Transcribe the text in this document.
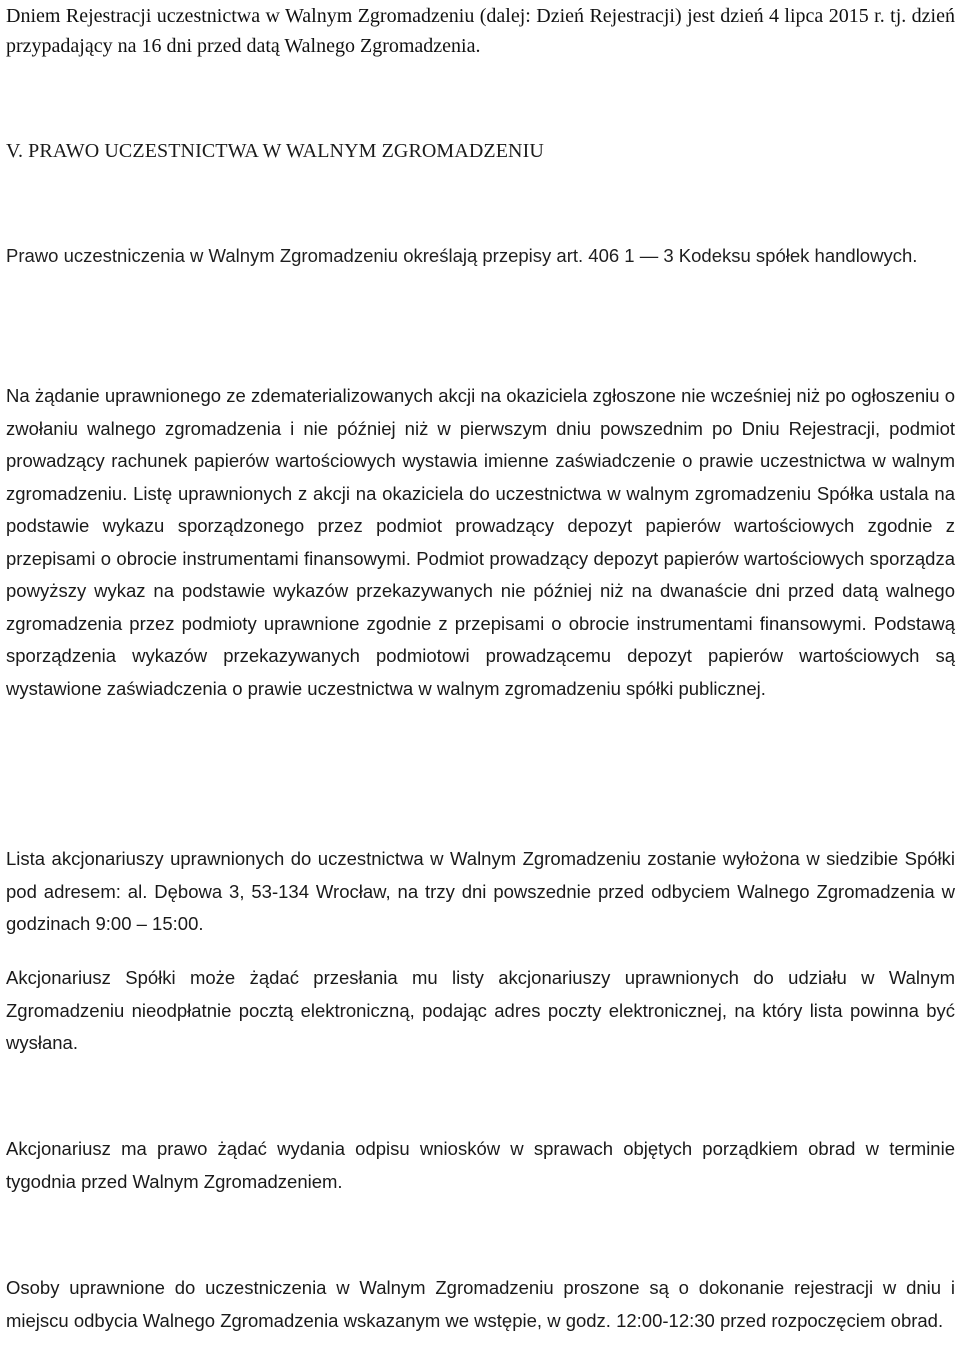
Dniem Rejestracji uczestnictwa w Walnym Zgromadzeniu (dalej: Dzień Rejestracji) jest dzień 4 lipca 2015 r. tj. dzień przypadający na 16 dni przed datą Walnego Zgromadzenia.

V. PRAWO UCZESTNICTWA W WALNYM ZGROMADZENIU

Prawo uczestniczenia w Walnym Zgromadzeniu określają przepisy art. 406 1 — 3 Kodeksu spółek handlowych.

Na żądanie uprawnionego ze zdematerializowanych akcji na okaziciela zgłoszone nie wcześniej niż po ogłoszeniu o zwołaniu walnego zgromadzenia i nie później niż w pierwszym dniu powszednim po Dniu Rejestracji, podmiot prowadzący rachunek papierów wartościowych wystawia imienne zaświadczenie o prawie uczestnictwa w walnym zgromadzeniu. Listę uprawnionych z akcji na okaziciela do uczestnictwa w walnym zgromadzeniu Spółka ustala na podstawie wykazu sporządzonego przez podmiot prowadzący depozyt papierów wartościowych zgodnie z przepisami o obrocie instrumentami finansowymi. Podmiot prowadzący depozyt papierów wartościowych sporządza powyższy wykaz na podstawie wykazów przekazywanych nie później niż na dwanaście dni przed datą walnego zgromadzenia przez podmioty uprawnione zgodnie z przepisami o obrocie instrumentami finansowymi. Podstawą sporządzenia wykazów przekazywanych podmiotowi prowadzącemu depozyt papierów wartościowych są wystawione zaświadczenia o prawie uczestnictwa w walnym zgromadzeniu spółki publicznej.

Lista akcjonariuszy uprawnionych do uczestnictwa w Walnym Zgromadzeniu zostanie wyłożona w siedzibie Spółki pod adresem: al. Dębowa 3, 53-134 Wrocław, na trzy dni powszednie przed odbyciem Walnego Zgromadzenia w godzinach 9:00 – 15:00.

Akcjonariusz Spółki może żądać przesłania mu listy akcjonariuszy uprawnionych do udziału w Walnym Zgromadzeniu nieodpłatnie pocztą elektroniczną, podając adres poczty elektronicznej, na który lista powinna być wysłana.

Akcjonariusz ma prawo żądać wydania odpisu wniosków w sprawach objętych porządkiem obrad w terminie tygodnia przed Walnym Zgromadzeniem.

Osoby uprawnione do uczestniczenia w Walnym Zgromadzeniu proszone są o dokonanie rejestracji w dniu i miejscu odbycia Walnego Zgromadzenia wskazanym we wstępie, w godz. 12:00-12:30 przed rozpoczęciem obrad.
